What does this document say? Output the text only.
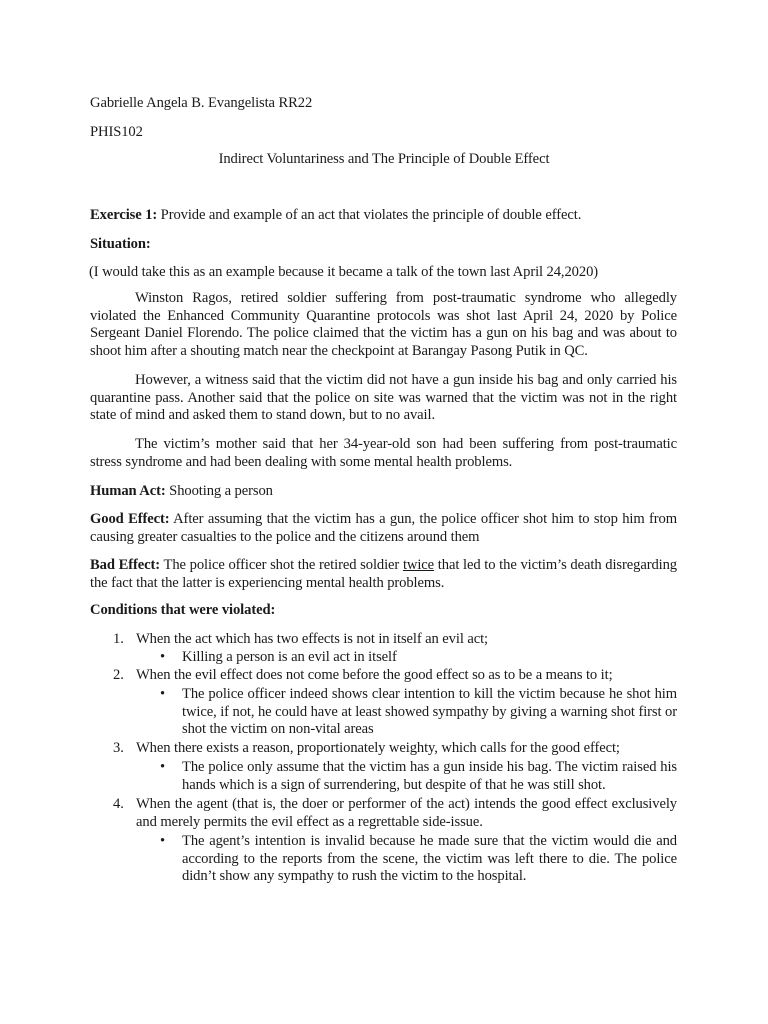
Gabrielle Angela B. Evangelista RR22
PHIS102
Indirect Voluntariness and The Principle of Double Effect
Exercise 1: Provide and example of an act that violates the principle of double effect.
Situation:
(I would take this as an example because it became a talk of the town last April 24,2020)
Winston Ragos, retired soldier suffering from post-traumatic syndrome who allegedly violated the Enhanced Community Quarantine protocols was shot last April 24, 2020 by Police Sergeant Daniel Florendo. The police claimed that the victim has a gun on his bag and was about to shoot him after a shouting match near the checkpoint at Barangay Pasong Putik in QC.
However, a witness said that the victim did not have a gun inside his bag and only carried his quarantine pass. Another said that the police on site was warned that the victim was not in the right state of mind and asked them to stand down, but to no avail.
The victim’s mother said that her 34-year-old son had been suffering from post-traumatic stress syndrome and had been dealing with some mental health problems.
Human Act: Shooting a person
Good Effect: After assuming that the victim has a gun, the police officer shot him to stop him from causing greater casualties to the police and the citizens around them
Bad Effect: The police officer shot the retired soldier twice that led to the victim’s death disregarding the fact that the latter is experiencing mental health problems.
Conditions that were violated:
1. When the act which has two effects is not in itself an evil act;
• Killing a person is an evil act in itself
2. When the evil effect does not come before the good effect so as to be a means to it;
• The police officer indeed shows clear intention to kill the victim because he shot him twice, if not, he could have at least showed sympathy by giving a warning shot first or shot the victim on non-vital areas
3. When there exists a reason, proportionately weighty, which calls for the good effect;
• The police only assume that the victim has a gun inside his bag. The victim raised his hands which is a sign of surrendering, but despite of that he was still shot.
4. When the agent (that is, the doer or performer of the act) intends the good effect exclusively and merely permits the evil effect as a regrettable side-issue.
• The agent’s intention is invalid because he made sure that the victim would die and according to the reports from the scene, the victim was left there to die. The police didn’t show any sympathy to rush the victim to the hospital.
